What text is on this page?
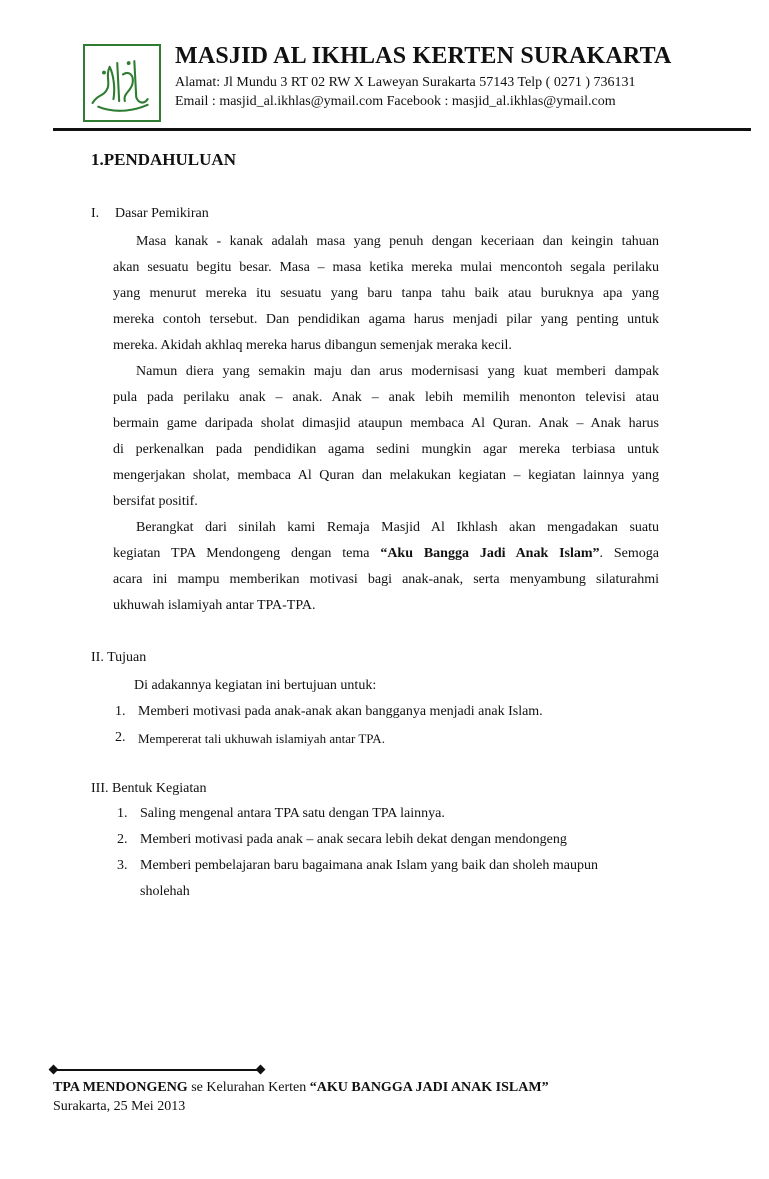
MASJID AL IKHLAS KERTEN SURAKARTA
Alamat: Jl Mundu 3 RT 02 RW X Laweyan Surakarta 57143 Telp ( 0271 ) 736131
Email : masjid_al.ikhlas@ymail.com Facebook : masjid_al.ikhlas@ymail.com
1.PENDAHULUAN
I. Dasar Pemikiran
Masa kanak - kanak adalah masa yang penuh dengan keceriaan dan keingin tahuan
akan sesuatu begitu besar. Masa – masa ketika mereka mulai mencontoh segala perilaku
yang menurut mereka itu sesuatu yang baru tanpa tahu baik atau buruknya apa yang
mereka contoh tersebut. Dan pendidikan agama harus menjadi pilar yang penting untuk
mereka. Akidah akhlaq mereka harus dibangun semenjak meraka kecil.
Namun diera yang semakin maju dan arus modernisasi yang kuat memberi dampak
pula pada perilaku anak – anak. Anak – anak lebih memilih menonton televisi atau
bermain game daripada sholat dimasjid ataupun membaca Al Quran. Anak – Anak harus
di perkenalkan pada pendidikan agama sedini mungkin agar mereka terbiasa untuk
mengerjakan sholat, membaca Al Quran dan melakukan kegiatan – kegiatan lainnya yang
bersifat positif.
Berangkat dari sinilah kami Remaja Masjid Al Ikhlash akan mengadakan suatu
kegiatan TPA Mendongeng dengan tema “Aku Bangga Jadi Anak Islam”. Semoga
acara ini mampu memberikan motivasi bagi anak-anak, serta menyambung silaturahmi
ukhuwah islamiyah antar TPA-TPA.
II. Tujuan
Di adakannya kegiatan ini bertujuan untuk:
1. Memberi motivasi pada anak-anak akan bangganya menjadi anak Islam.
2. Mempererat tali ukhuwah islamiyah antar TPA.
III. Bentuk Kegiatan
1. Saling mengenal antara TPA satu dengan TPA lainnya.
2. Memberi motivasi pada anak – anak secara lebih dekat dengan mendongeng
3. Memberi pembelajaran baru bagaimana anak Islam yang baik dan sholeh maupun
sholehah
TPA MENDONGENG se Kelurahan Kerten “AKU BANGGA JADI ANAK ISLAM”
Surakarta, 25 Mei 2013
